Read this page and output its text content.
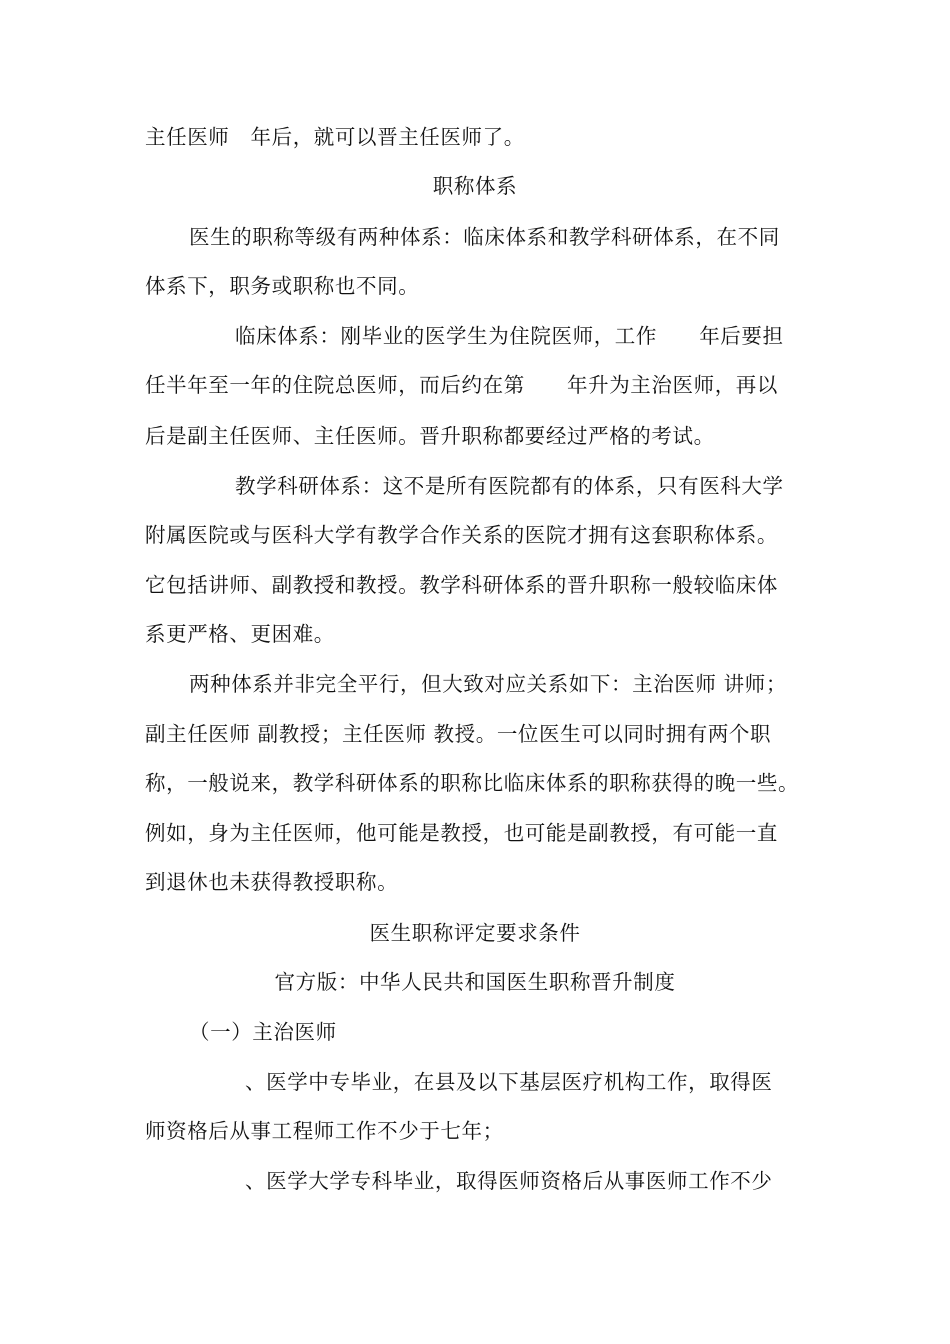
主任医师　年后，就可以晋主任医师了。
职称体系
医生的职称等级有两种体系：临床体系和教学科研体系，在不同
体系下，职务或职称也不同。
临床体系：刚毕业的医学生为住院医师，工作　　年后要担
任半年至一年的住院总医师，而后约在第　　年升为主治医师，再以
后是副主任医师、主任医师。晋升职称都要经过严格的考试。
教学科研体系：这不是所有医院都有的体系，只有医科大学
附属医院或与医科大学有教学合作关系的医院才拥有这套职称体系。
它包括讲师、副教授和教授。教学科研体系的晋升职称一般较临床体
系更严格、更困难。
两种体系并非完全平行，但大致对应关系如下：主治医师 讲师；
副主任医师 副教授；主任医师 教授。一位医生可以同时拥有两个职
称，一般说来，教学科研体系的职称比临床体系的职称获得的晚一些。
例如，身为主任医师，他可能是教授，也可能是副教授，有可能一直
到退休也未获得教授职称。
医生职称评定要求条件
官方版：中华人民共和国医生职称晋升制度
（一）主治医师
、医学中专毕业，在县及以下基层医疗机构工作，取得医
师资格后从事工程师工作不少于七年；
、医学大学专科毕业，取得医师资格后从事医师工作不少
